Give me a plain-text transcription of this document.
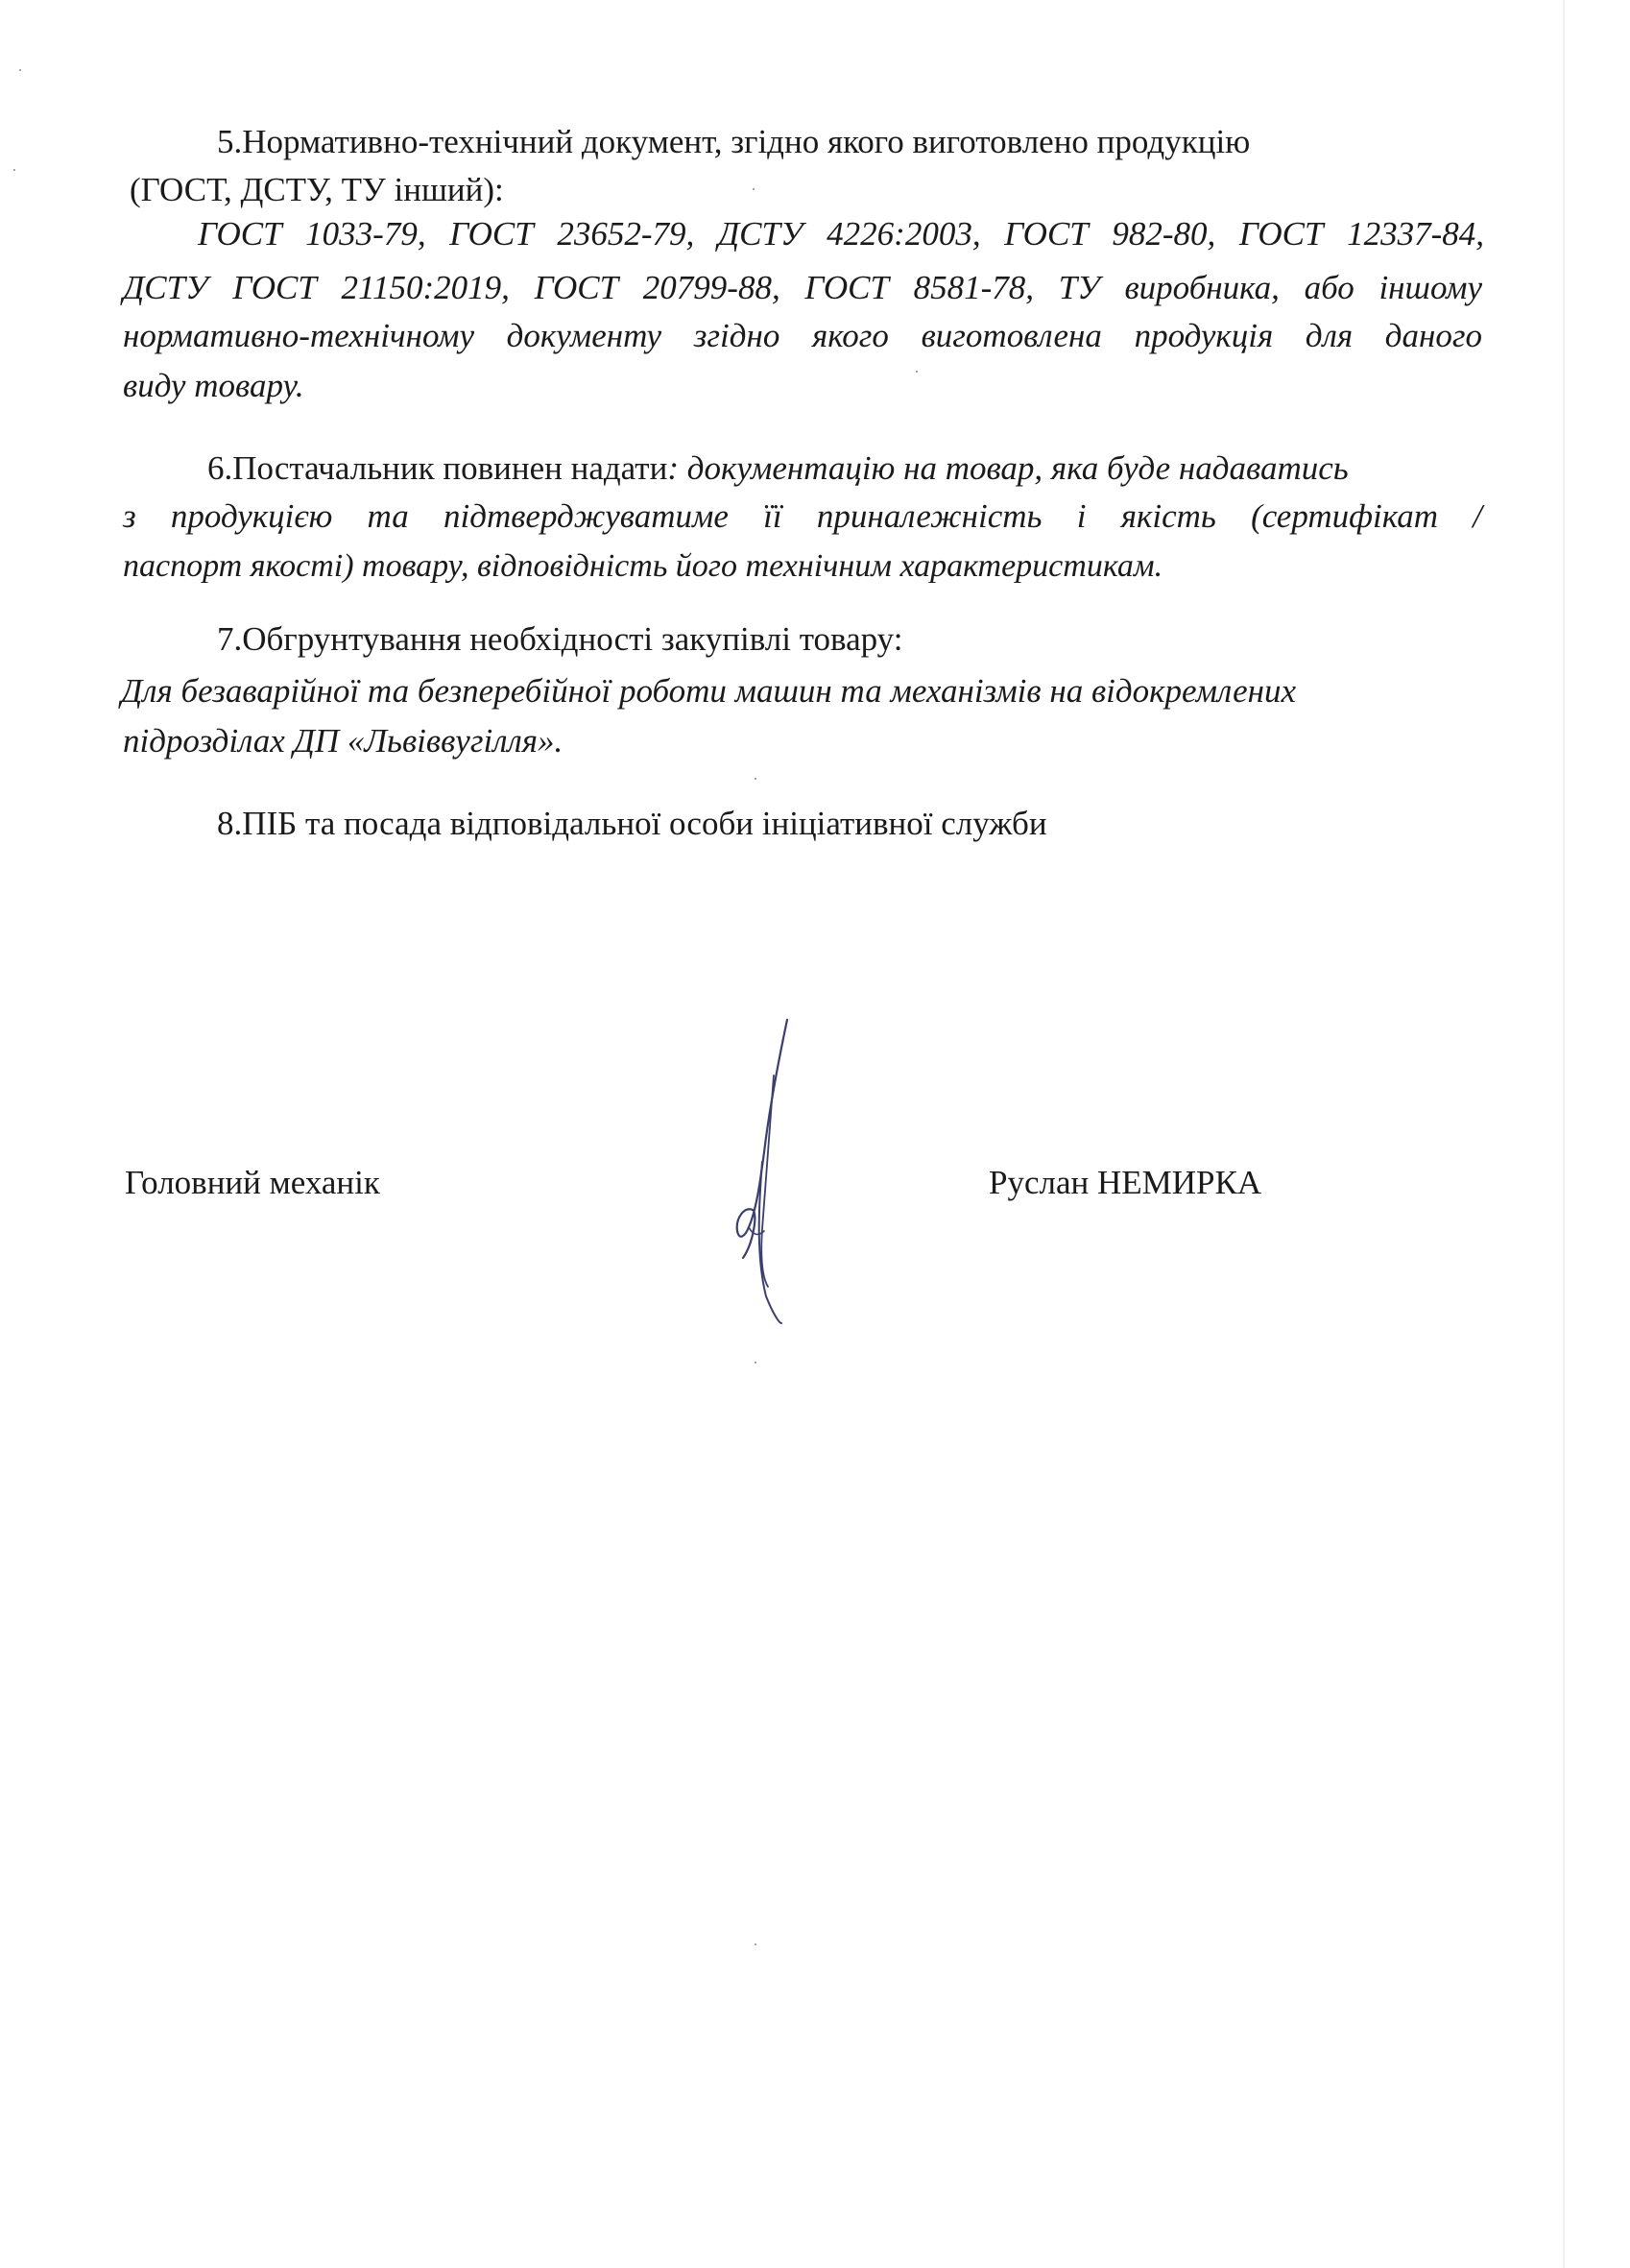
5.Нормативно-технічний документ, згідно якого виготовлено продукцію
(ГОСТ, ДСТУ, ТУ інший):
ГОСТ 1033-79, ГОСТ 23652-79, ДСТУ 4226:2003, ГОСТ 982-80, ГОСТ 12337-84,
ДСТУ ГОСТ 21150:2019, ГОСТ 20799-88, ГОСТ 8581-78, ТУ виробника, або іншому
нормативно-технічному документу згідно якого виготовлена продукція для даного
виду товару.
6.Постачальник повинен надати: документацію на товар, яка буде надаватись
з продукцією та підтверджуватиме її приналежність і якість (сертифікат /
паспорт якості) товару, відповідність його технічним характеристикам.
7.Обгрунтування необхідності закупівлі товару:
Для безаварійної та безперебійної роботи машин та механізмів на відокремлених
підрозділах ДП «Львіввугілля».
8.ПІБ та посада відповідальної особи ініціативної служби
Головний механік	Руслан НЕМИРКА
